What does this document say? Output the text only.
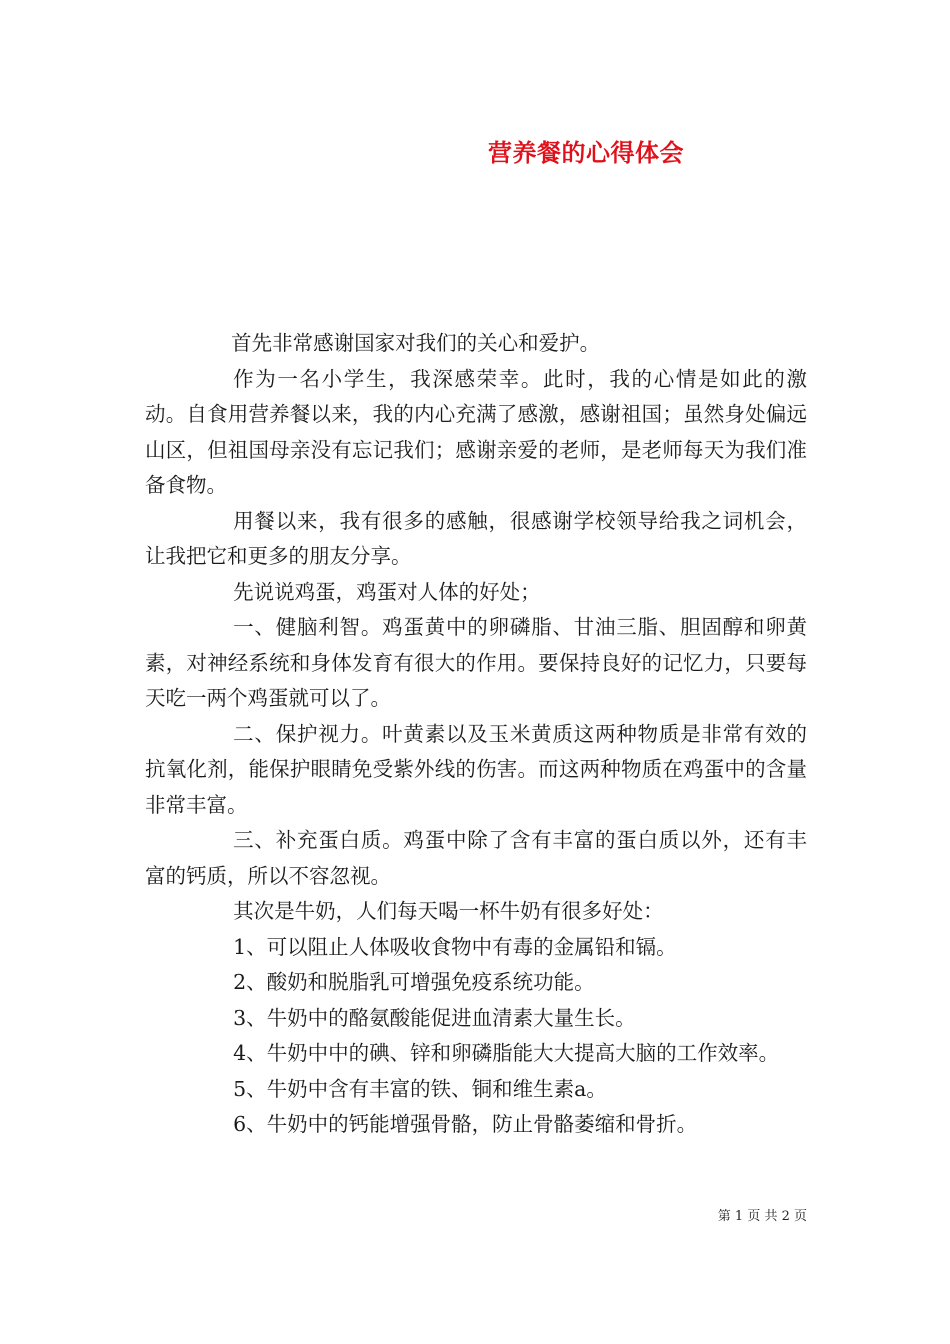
营养餐的心得体会

首先非常感谢国家对我们的关心和爱护。

作为一名小学生，我深感荣幸。此时，我的心情是如此的激动。自食用营养餐以来，我的内心充满了感激，感谢祖国；虽然身处偏远山区，但祖国母亲没有忘记我们；感谢亲爱的老师，是老师每天为我们准备食物。

用餐以来，我有很多的感触，很感谢学校领导给我之词机会，让我把它和更多的朋友分享。

先说说鸡蛋，鸡蛋对人体的好处；

一、健脑利智。鸡蛋黄中的卵磷脂、甘油三脂、胆固醇和卵黄素，对神经系统和身体发育有很大的作用。要保持良好的记忆力，只要每天吃一两个鸡蛋就可以了。

二、保护视力。叶黄素以及玉米黄质这两种物质是非常有效的抗氧化剂，能保护眼睛免受紫外线的伤害。而这两种物质在鸡蛋中的含量非常丰富。

三、补充蛋白质。鸡蛋中除了含有丰富的蛋白质以外，还有丰富的钙质，所以不容忽视。

其次是牛奶，人们每天喝一杯牛奶有很多好处：

1、可以阻止人体吸收食物中有毒的金属铅和镉。

2、酸奶和脱脂乳可增强免疫系统功能。

3、牛奶中的酪氨酸能促进血清素大量生长。

4、牛奶中中的碘、锌和卵磷脂能大大提高大脑的工作效率。

5、牛奶中含有丰富的铁、铜和维生素a。

6、牛奶中的钙能增强骨骼，防止骨骼萎缩和骨折。

第 1 页 共 2 页
